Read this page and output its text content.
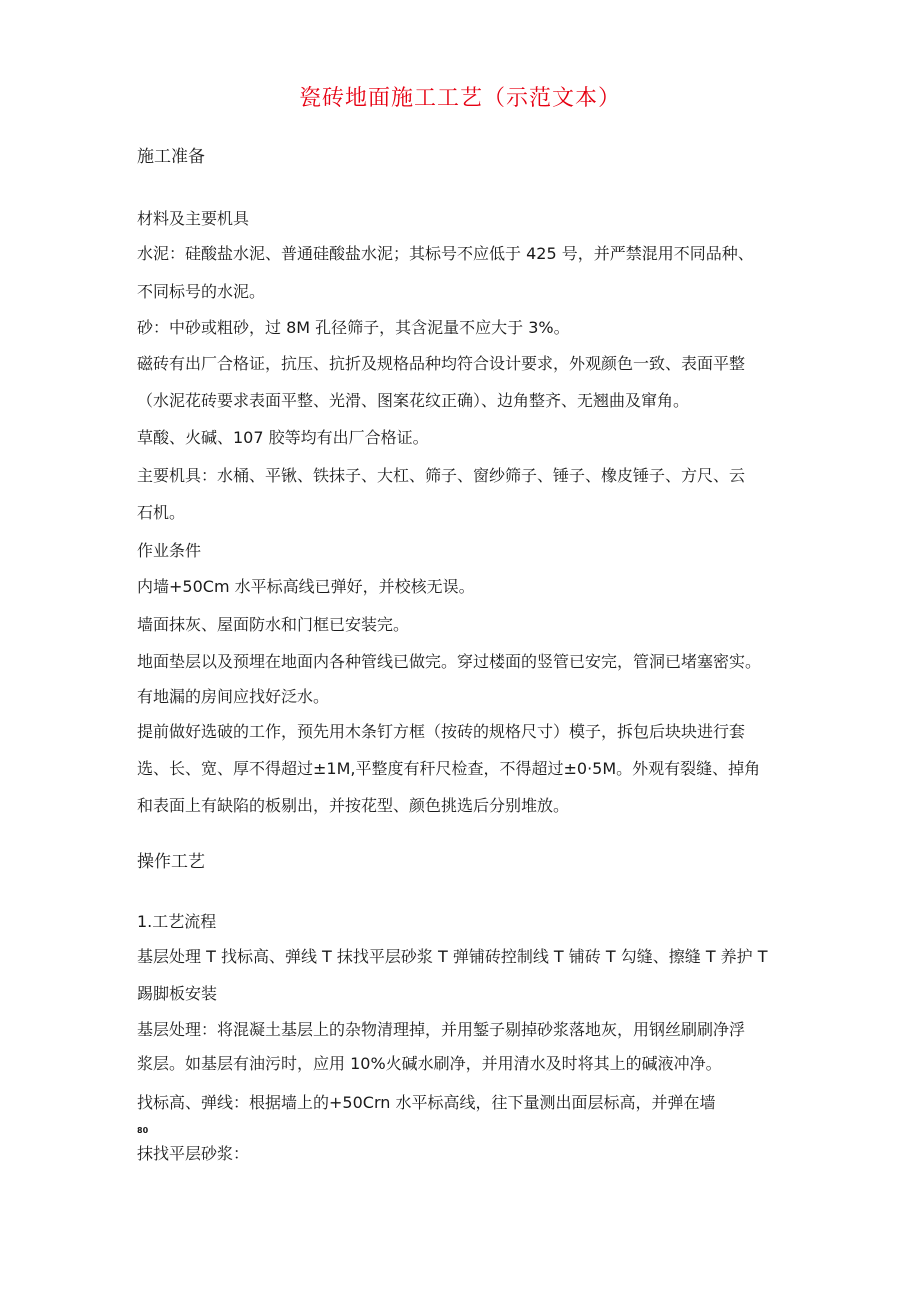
瓷砖地面施工工艺（示范文本）

施工准备

材料及主要机具

水泥：硅酸盐水泥、普通硅酸盐水泥；其标号不应低于 425 号，并严禁混用不同品种、

不同标号的水泥。

砂：中砂或粗砂，过 8M 孔径筛子，其含泥量不应大于 3%。

磁砖有出厂合格证，抗压、抗折及规格品种均符合设计要求，外观颜色一致、表面平整

（水泥花砖要求表面平整、光滑、图案花纹正确）、边角整齐、无翘曲及窜角。

草酸、火碱、107 胶等均有出厂合格证。

主要机具：水桶、平锹、铁抹子、大杠、筛子、窗纱筛子、锤子、橡皮锤子、方尺、云

石机。

作业条件

内墙+50Cm 水平标高线已弹好，并校核无误。

墙面抹灰、屋面防水和门框已安装完。

地面垫层以及预埋在地面内各种管线已做完。穿过楼面的竖管已安完，管洞已堵塞密实。

有地漏的房间应找好泛水。

提前做好选破的工作，预先用木条钉方框（按砖的规格尺寸）模子，拆包后块块进行套

选、长、宽、厚不得超过±1M,平整度有秆尺检查，不得超过±0·5M。外观有裂缝、掉角

和表面上有缺陷的板剔出，并按花型、颜色挑选后分别堆放。

操作工艺

1.工艺流程

基层处理 T 找标高、弹线 T 抹找平层砂浆 T 弹铺砖控制线 T 铺砖 T 勾缝、擦缝 T 养护 T

踢脚板安装

基层处理：将混凝土基层上的杂物清理掉，并用錾子剔掉砂浆落地灰，用钢丝刷刷净浮

浆层。如基层有油污时，应用 10%火碱水刷净，并用清水及时将其上的碱液冲净。

找标高、弹线：根据墙上的+50Crn 水平标高线，往下量测出面层标高，并弹在墙

80

抹找平层砂浆：
